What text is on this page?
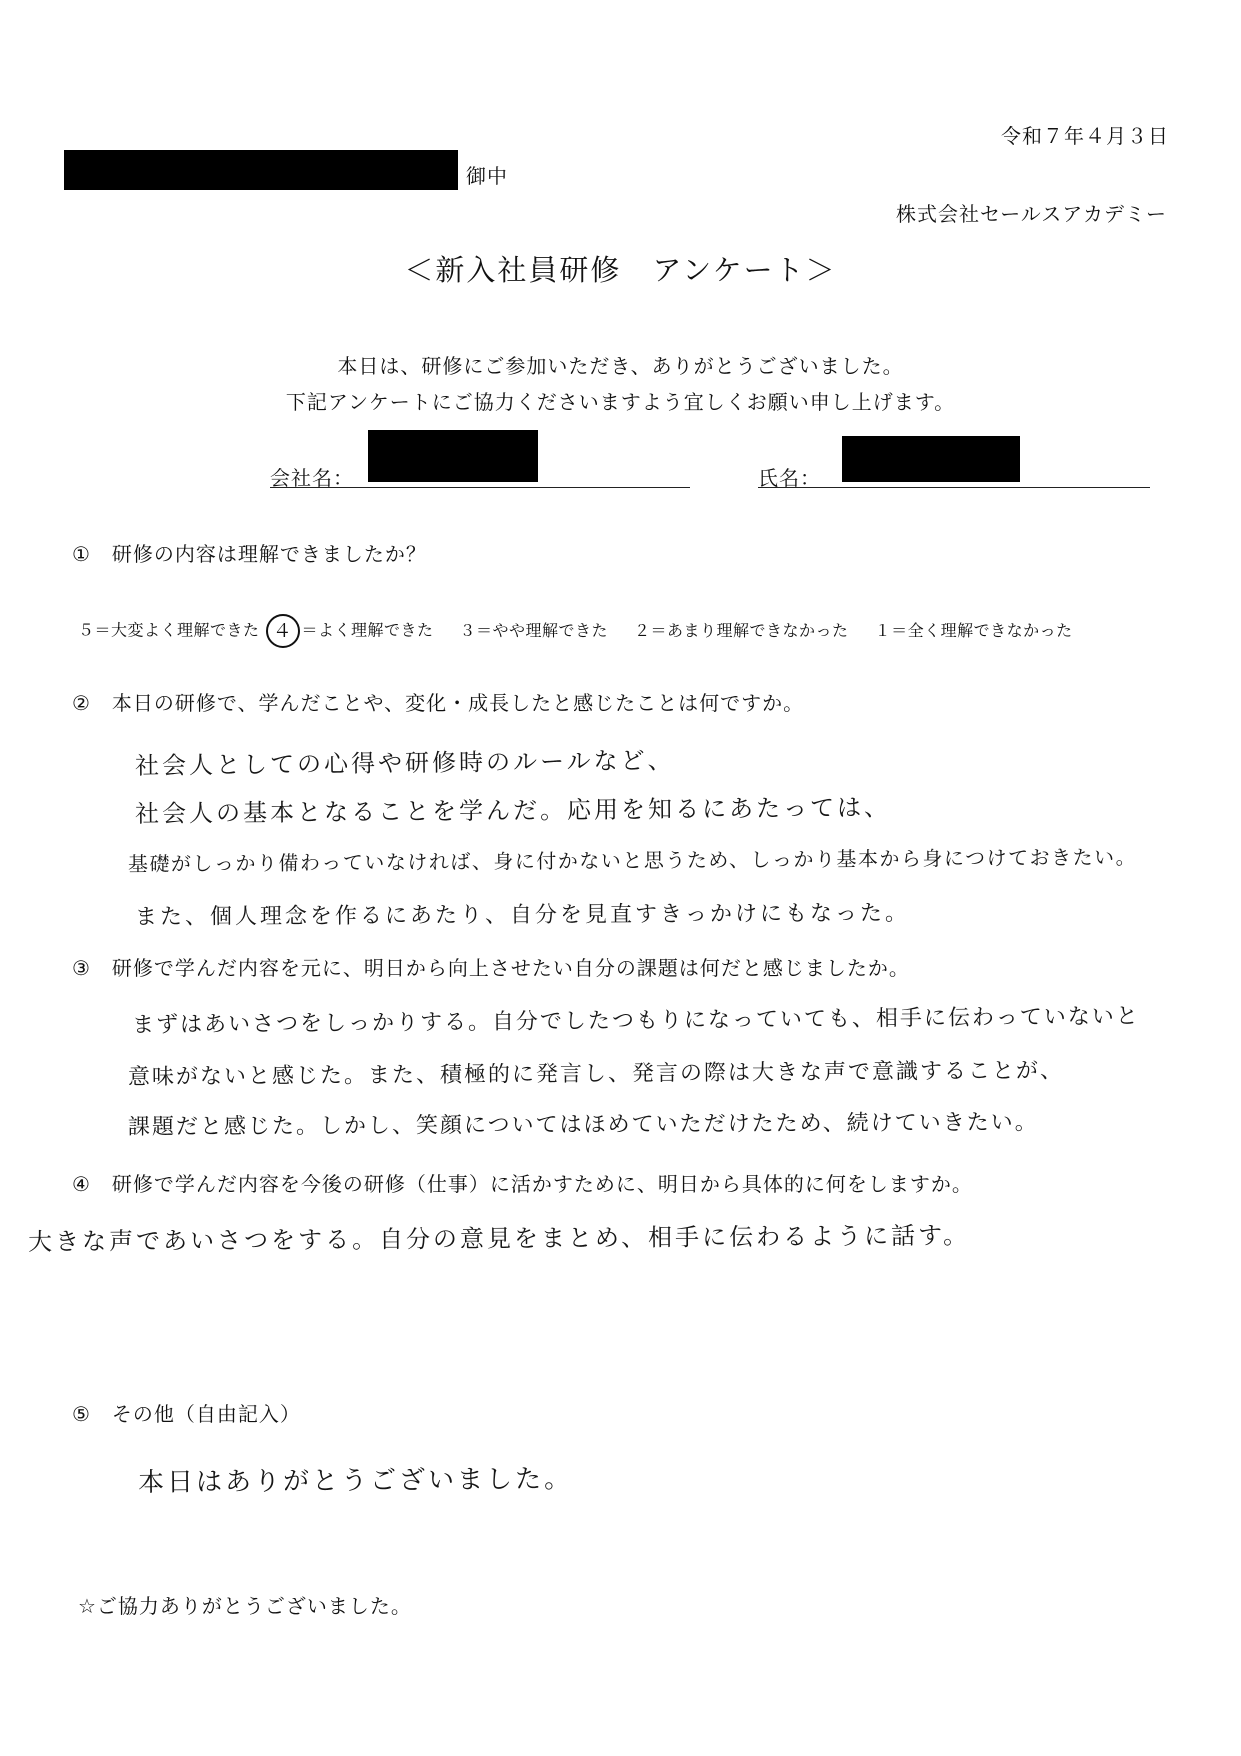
令和７年４月３日
御中
株式会社セールスアカデミー
＜新入社員研修　アンケート＞
本日は、研修にご参加いただき、ありがとうございました。
下記アンケートにご協力くださいますよう宜しくお願い申し上げます。
会社名：	氏名：
①　研修の内容は理解できましたか？
５＝大変よく理解できた ４ ＝よく理解できた ３＝やや理解できた ２＝あまり理解できなかった １＝全く理解できなかった
②　本日の研修で、学んだことや、変化・成長したと感じたことは何ですか。
社会人としての心得や研修時のルールなど、
社会人の基本となることを学んだ。応用を知るにあたっては、
基礎がしっかり備わっていなければ、身に付かないと思うため、しっかり基本から身につけておきたい。
また、個人理念を作るにあたり、自分を見直すきっかけにもなった。
③　研修で学んだ内容を元に、明日から向上させたい自分の課題は何だと感じましたか。
まずはあいさつをしっかりする。自分でしたつもりになっていても、相手に伝わっていないと
意味がないと感じた。また、積極的に発言し、発言の際は大きな声で意識することが、
課題だと感じた。しかし、笑顔についてはほめていただけたため、続けていきたい。
④　研修で学んだ内容を今後の研修（仕事）に活かすために、明日から具体的に何をしますか。
大きな声であいさつをする。自分の意見をまとめ、相手に伝わるように話す。
⑤　その他（自由記入）
本日はありがとうございました。
☆ご協力ありがとうございました。
